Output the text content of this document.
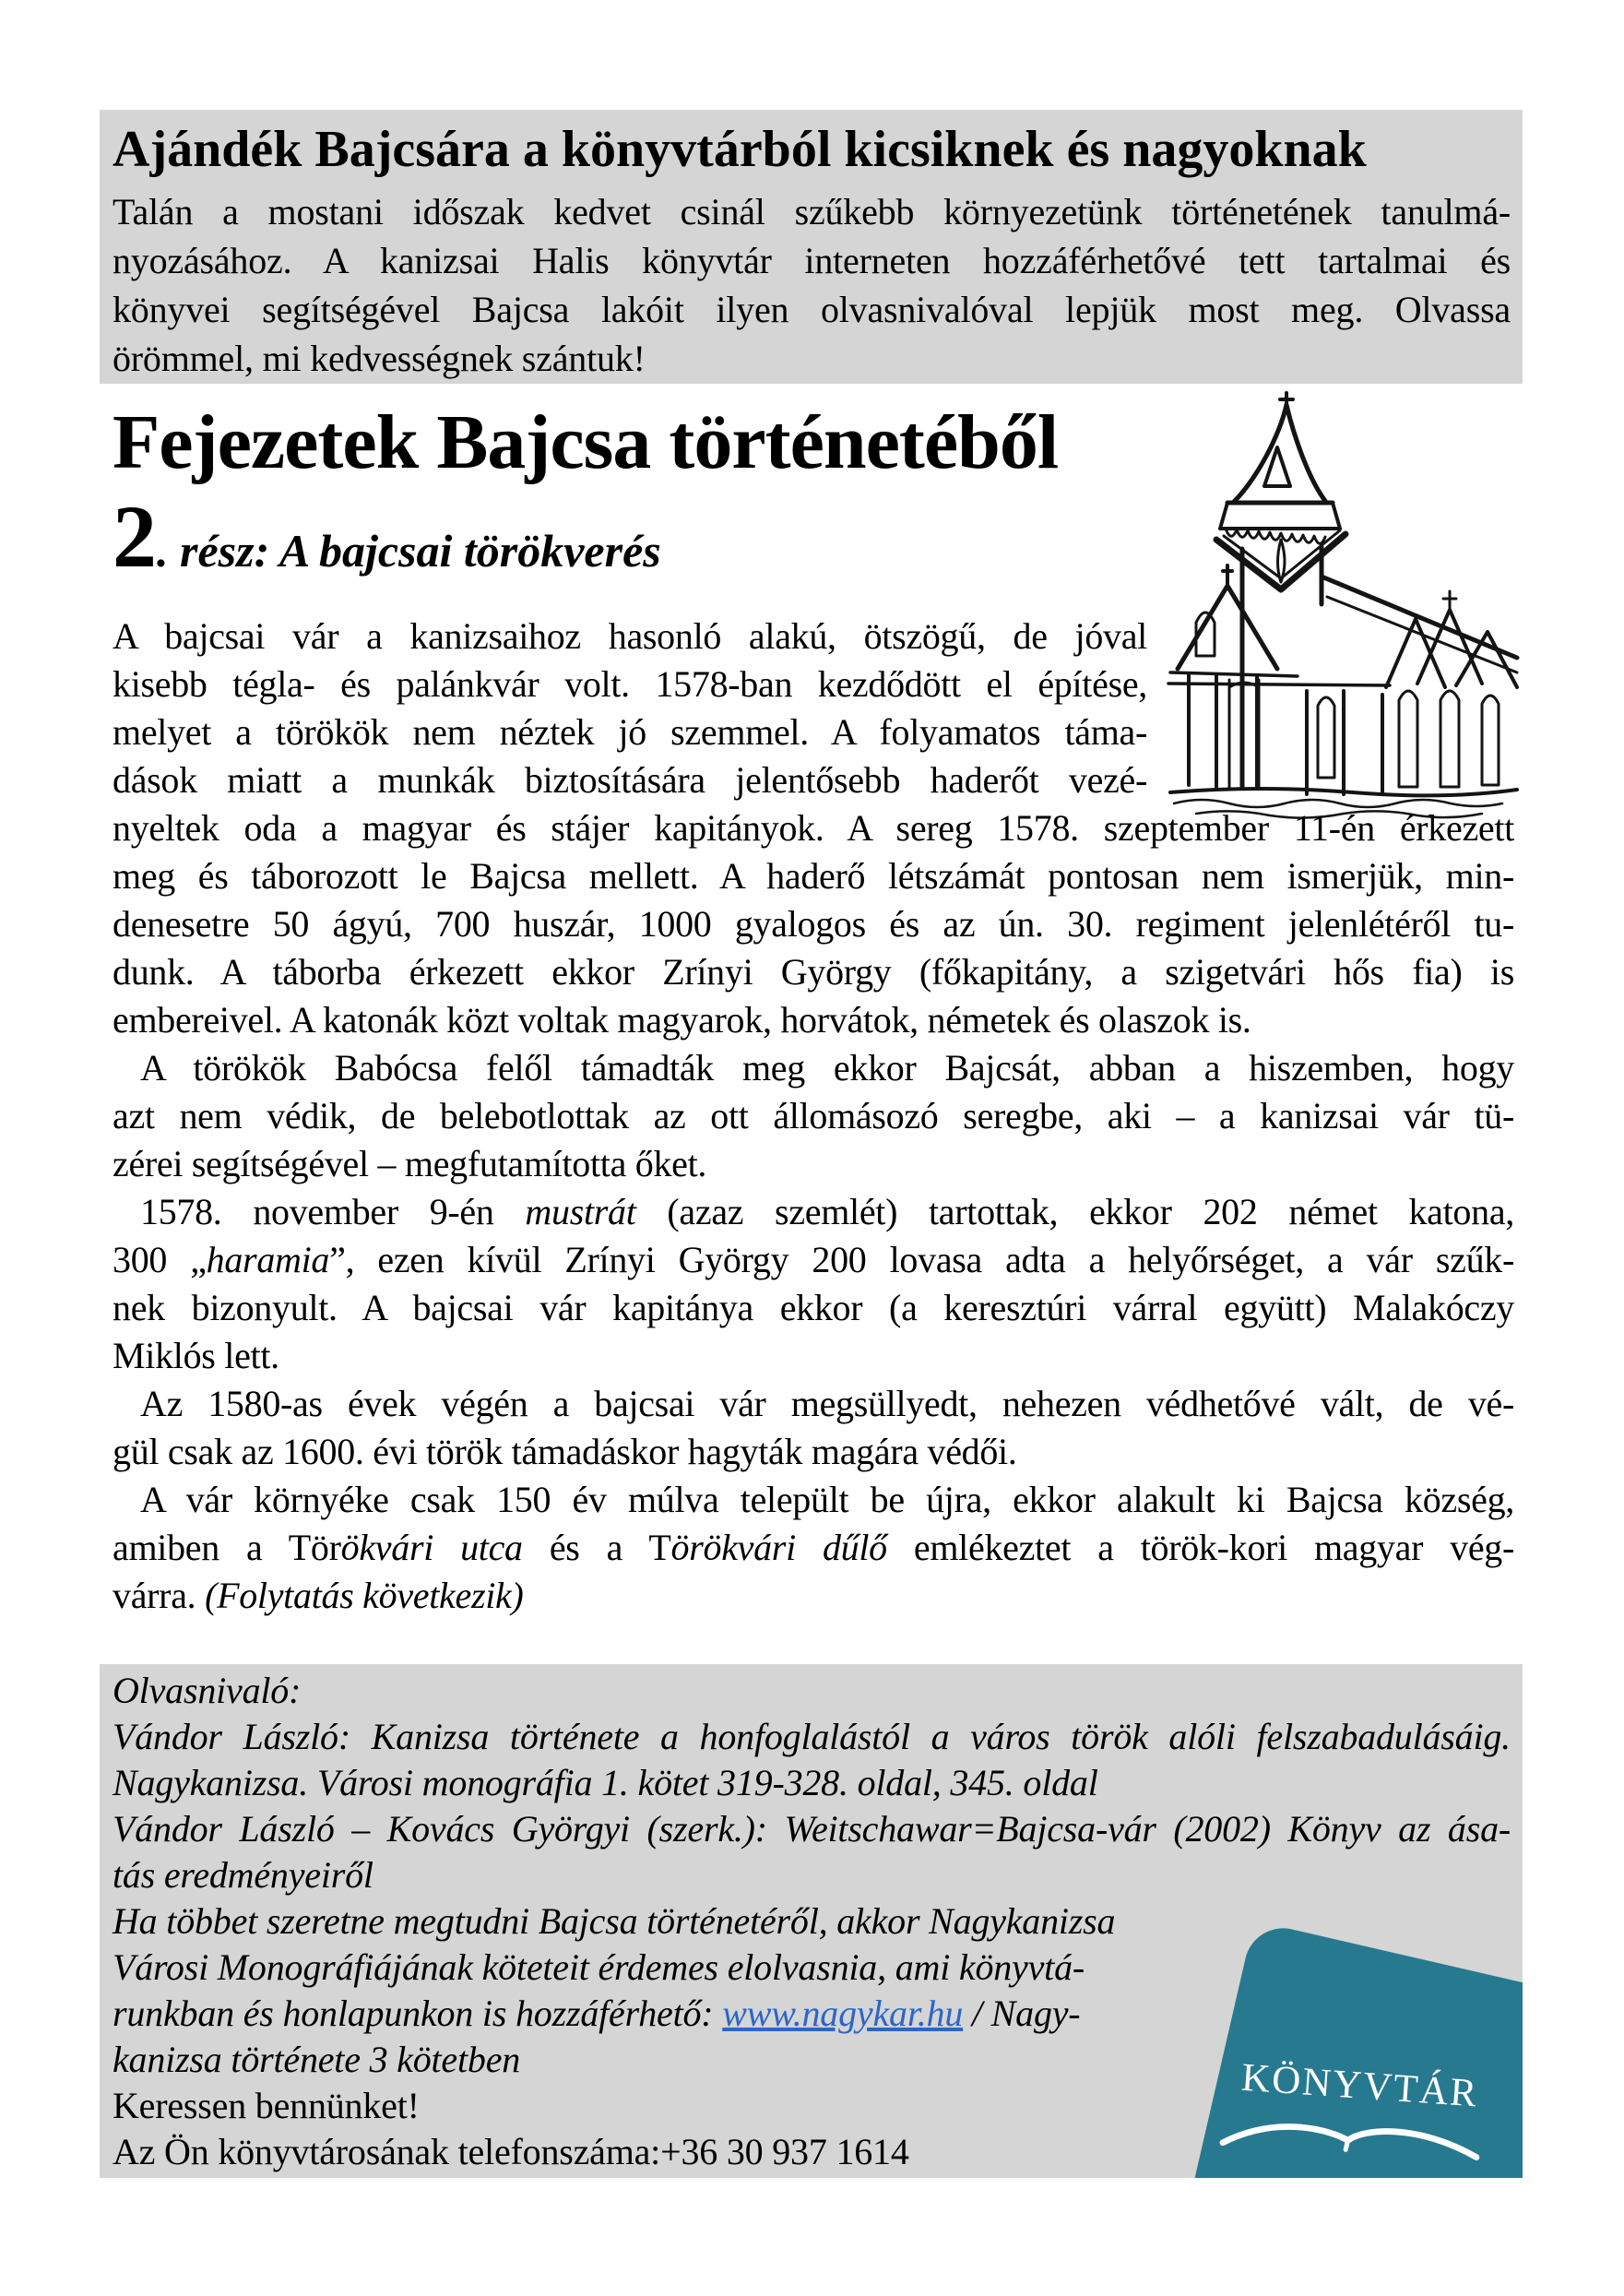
Ajándék Bajcsára a könyvtárból kicsiknek és nagyoknak
Talán a mostani időszak kedvet csinál szűkebb környezetünk történetének tanulmá-
nyozásához. A kanizsai Halis könyvtár interneten hozzáférhetővé tett tartalmai és
könyvei segítségével Bajcsa lakóit ilyen olvasnivalóval lepjük most meg. Olvassa
örömmel, mi kedvességnek szántuk!
Fejezetek Bajcsa történetéből
2. rész: A bajcsai törökverés
A bajcsai vár a kanizsaihoz hasonló alakú, ötszögű, de jóval
kisebb tégla- és palánkvár volt. 1578-ban kezdődött el építése,
melyet a törökök nem néztek jó szemmel. A folyamatos táma-
dások miatt a munkák biztosítására jelentősebb haderőt vezé-
nyeltek oda a magyar és stájer kapitányok. A sereg 1578. szeptember 11-én érkezett
meg és táborozott le Bajcsa mellett. A haderő létszámát pontosan nem ismerjük, min-
denesetre 50 ágyú, 700 huszár, 1000 gyalogos és az ún. 30. regiment jelenlétéről tu-
dunk. A táborba érkezett ekkor Zrínyi György (főkapitány, a szigetvári hős fia) is
embereivel. A katonák közt voltak magyarok, horvátok, németek és olaszok is.
A törökök Babócsa felől támadták meg ekkor Bajcsát, abban a hiszemben, hogy
azt nem védik, de belebotlottak az ott állomásozó seregbe, aki – a kanizsai vár tü-
zérei segítségével – megfutamította őket.
1578. november 9-én mustrát (azaz szemlét) tartottak, ekkor 202 német katona,
300 „haramia”, ezen kívül Zrínyi György 200 lovasa adta a helyőrséget, a vár szűk-
nek bizonyult. A bajcsai vár kapitánya ekkor (a keresztúri várral együtt) Malakóczy
Miklós lett.
Az 1580-as évek végén a bajcsai vár megsüllyedt, nehezen védhetővé vált, de vé-
gül csak az 1600. évi török támadáskor hagyták magára védői.
A vár környéke csak 150 év múlva települt be újra, ekkor alakult ki Bajcsa község,
amiben a Törökvári utca és a Törökvári dűlő emlékeztet a török-kori magyar vég-
várra. (Folytatás következik)
KÖNYVTÁR
Olvasnivaló:
Vándor László: Kanizsa története a honfoglalástól a város török alóli felszabadulásáig.
Nagykanizsa. Városi monográfia 1. kötet 319-328. oldal, 345. oldal
Vándor László – Kovács Györgyi (szerk.): Weitschawar=Bajcsa-vár (2002) Könyv az ása-
tás eredményeiről
Ha többet szeretne megtudni Bajcsa történetéről, akkor Nagykanizsa
Városi Monográfiájának köteteit érdemes elolvasnia, ami könyvtá-
runkban és honlapunkon is hozzáférhető: www.nagykar.hu / Nagy-
kanizsa története 3 kötetben
Keressen bennünket!
Az Ön könyvtárosának telefonszáma:+36 30 937 1614
